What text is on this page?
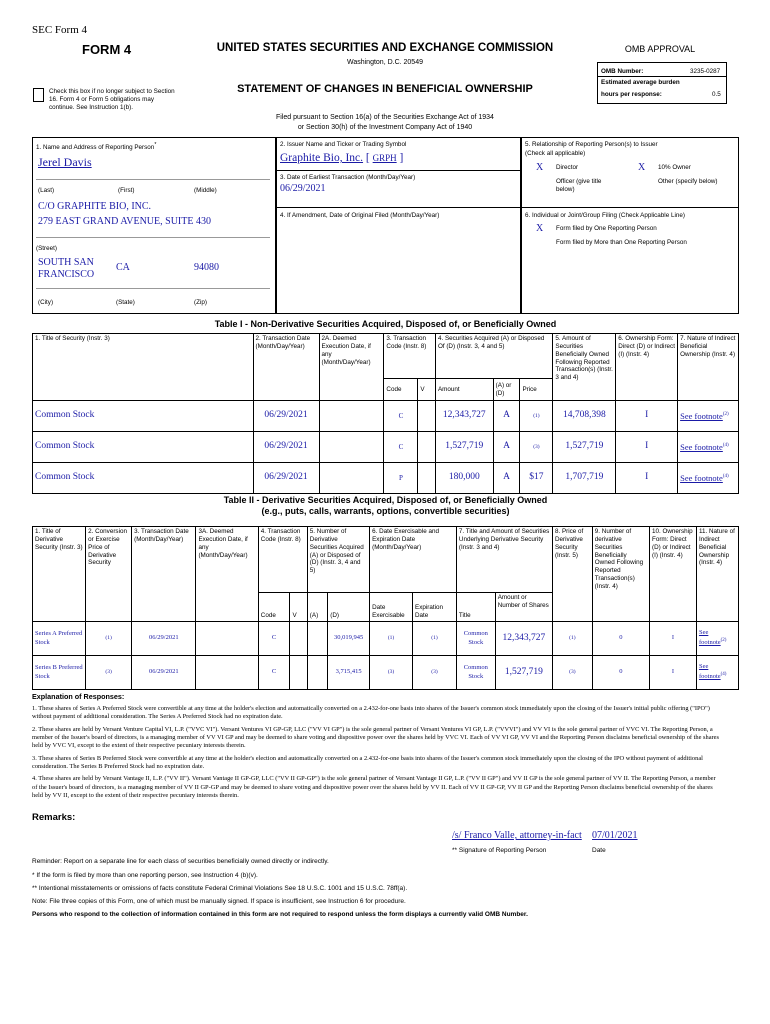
SEC Form 4
FORM 4	UNITED STATES SECURITIES AND EXCHANGE COMMISSION
Washington, D.C. 20549
STATEMENT OF CHANGES IN BENEFICIAL OWNERSHIP
Check this box if no longer subject to Section 16. Form 4 or Form 5 obligations may continue. See Instruction 1(b).
OMB APPROVAL
OMB Number:	3235-0287
Estimated average burden
hours per response:	0.5
Filed pursuant to Section 16(a) of the Securities Exchange Act of 1934
or Section 30(h) of the Investment Company Act of 1940
1. Name and Address of Reporting Person*
Jerel Davis
(Last)	(First)	(Middle)
C/O GRAPHITE BIO, INC.
279 EAST GRAND AVENUE, SUITE 430
(Street)
SOUTH SAN FRANCISCO
CA	94080
(City)	(State)	(Zip)
2. Issuer Name and Ticker or Trading Symbol
Graphite Bio, Inc. [ GRPH ]
3. Date of Earliest Transaction (Month/Day/Year)
06/29/2021
4. If Amendment, Date of Original Filed (Month/Day/Year)
5. Relationship of Reporting Person(s) to Issuer
(Check all applicable)
X Director	X 10% Owner
Officer (give title below)
Other (specify below)
6. Individual or Joint/Group Filing (Check Applicable Line)
X Form filed by One Reporting Person
Form filed by More than One Reporting Person
Table I - Non-Derivative Securities Acquired, Disposed of, or Beneficially Owned
1. Title of Security (Instr. 3)	2. Transaction Date (Month/Day/Year)	2A. Deemed Execution Date, if any (Month/Day/Year)	3. Transaction Code (Instr. 8)		4. Securities Acquired (A) or Disposed Of (D) (Instr. 3, 4 and 5)			5. Amount of Securities Beneficially Owned Following Reported Transaction(s) (Instr. 3 and 4)	6. Ownership Form: Direct (D) or Indirect (I) (Instr. 4)	7. Nature of Indirect Beneficial Ownership (Instr. 4)
			Code	V	Amount	(A) or (D)	Price			
Common Stock	06/29/2021		C		12,343,727	A	(1)	14,708,398	I	See footnote$^{(2)}$
Common Stock	06/29/2021		C		1,527,719	A	(3)	1,527,719	I	See footnote$^{(4)}$
Common Stock	06/29/2021		P		180,000	A	$17	1,707,719	I	See footnote$^{(4)}$
Table II - Derivative Securities Acquired, Disposed of, or Beneficially Owned
(e.g., puts, calls, warrants, options, convertible securities)
1. Title of Derivative Security (Instr. 3)	2. Conversion or Exercise Price of Derivative Security	3. Transaction Date (Month/Day/Year)	3A. Deemed Execution Date, if any (Month/Day/Year)	4. Transaction Code (Instr. 8)		5. Number of Derivative Securities Acquired (A) or Disposed of (D) (Instr. 3, 4 and 5)		6. Date Exercisable and Expiration Date (Month/Day/Year)		7. Title and Amount of Securities Underlying Derivative Security (Instr. 3 and 4)		8. Price of Derivative Security (Instr. 5)	9. Number of derivative Securities Beneficially Owned Following Reported Transaction(s) (Instr. 4)	10. Ownership Form: Direct (D) or Indirect (I) (Instr. 4)	11. Nature of Indirect Beneficial Ownership (Instr. 4)
				Code	V	(A)	(D)	Date Exercisable	Expiration Date	Title	Amount or Number of Shares				
Series A Preferred Stock	(1)	06/29/2021		C			30,019,945	(1)	(1)	Common Stock	12,343,727	(1)	0	I	See footnote$^{(2)}$
Series B Preferred Stock	(3)	06/29/2021		C			3,715,415	(3)	(3)	Common Stock	1,527,719	(3)	0	I	See footnote$^{(4)}$
Explanation of Responses:

1. These shares of Series A Preferred Stock were convertible at any time at the holder's election and automatically converted on a 2.432-for-one basis into shares of the Issuer's common stock immediately upon the closing of the Issuer's initial public offering ("IPO") without payment of additional consideration. The Series A Preferred Stock had no expiration date.

2. These shares are held by Versant Venture Capital VI, L.P. ("VVC VI"). Versant Ventures VI GP-GP, LLC ("VV VI GP") is the sole general partner of Versant Ventures VI GP, L.P. ("VVVI") and VV VI is the sole general partner of VVC VI. The Reporting Person, a member of the Issuer's board of directors, is a managing member of VV VI GP and may be deemed to share voting and dispositive power over the shares held by VVC VI. Each of VV VI GP, VV VI and the Reporting Person disclaims beneficial ownership of the shares held by VVC VI, except to the extent of their respective pecuniary interests therein.

3. These shares of Series B Preferred Stock were convertible at any time at the holder's election and automatically converted on a 2.432-for-one basis into shares of the Issuer's common stock immediately upon the closing of the IPO without payment of additional consideration. The Series B Preferred Stock had no expiration date.

4. These shares are held by Versant Vantage II, L.P. ("VV II"). Versant Vantage II GP-GP, LLC ("VV II GP-GP") is the sole general partner of Versant Vantage II GP, L.P. ("VV II GP") and VV II GP is the sole general partner of VV II. The Reporting Person, a member of the Issuer's board of directors, is a managing member of VV II GP-GP and may be deemed to share voting and dispositive power over the shares held by VV II. Each of VV II GP-GP, VV II GP and the Reporting Person disclaims beneficial ownership of the shares held by VV II, except to the extent of their respective pecuniary interests therein.

Remarks:
/s/ Franco Valle, attorney-in-fact 07/01/2021
** Signature of Reporting Person	Date
Reminder: Report on a separate line for each class of securities beneficially owned directly or indirectly.
* If the form is filed by more than one reporting person, see Instruction 4 (b)(v).
** Intentional misstatements or omissions of facts constitute Federal Criminal Violations See 18 U.S.C. 1001 and 15 U.S.C. 78ff(a).
Note: File three copies of this Form, one of which must be manually signed. If space is insufficient, see Instruction 6 for procedure.
Persons who respond to the collection of information contained in this form are not required to respond unless the form displays a currently valid OMB Number.
